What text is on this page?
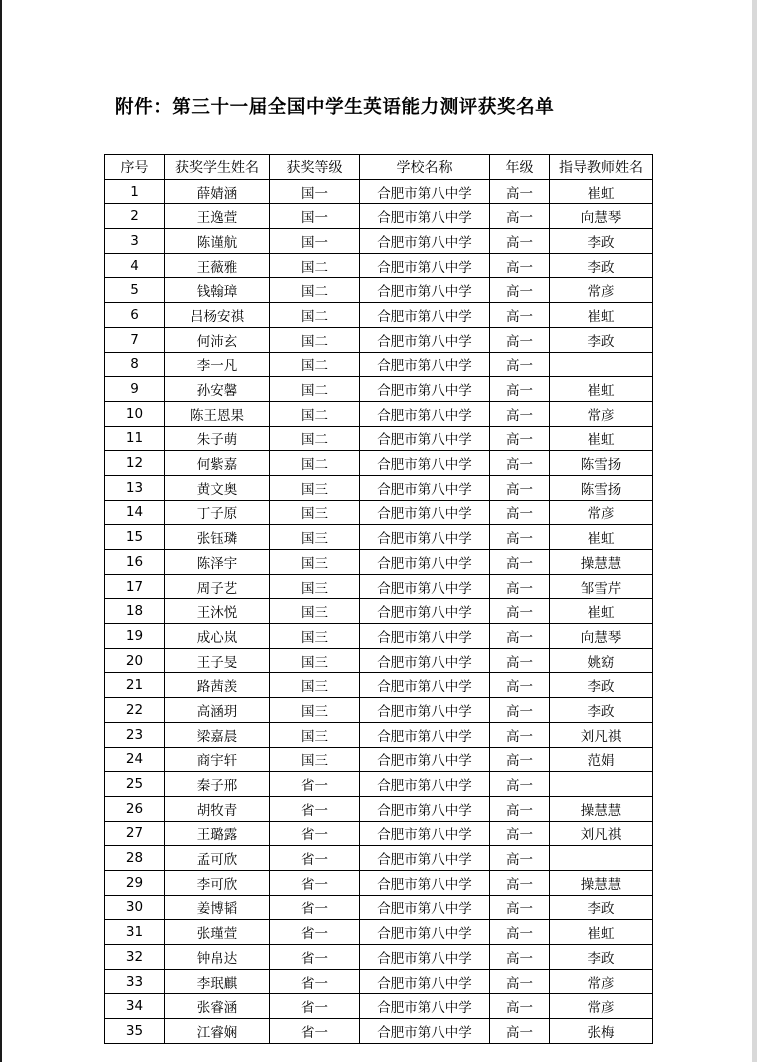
附件：第三十一届全国中学生英语能力测评获奖名单
序号	获奖学生姓名	获奖等级	学校名称	年级	指导教师姓名
1	薛婧涵	国一	合肥市第八中学	高一	崔虹
2	王逸萱	国一	合肥市第八中学	高一	向慧琴
3	陈谨航	国一	合肥市第八中学	高一	李政
4	王薇雅	国二	合肥市第八中学	高一	李政
5	钱翰璋	国二	合肥市第八中学	高一	常彦
6	吕杨安祺	国二	合肥市第八中学	高一	崔虹
7	何沛玄	国二	合肥市第八中学	高一	李政
8	李一凡	国二	合肥市第八中学	高一	
9	孙安馨	国二	合肥市第八中学	高一	崔虹
10	陈王恩果	国二	合肥市第八中学	高一	常彦
11	朱子萌	国二	合肥市第八中学	高一	崔虹
12	何紫嘉	国二	合肥市第八中学	高一	陈雪扬
13	黄文奥	国三	合肥市第八中学	高一	陈雪扬
14	丁子原	国三	合肥市第八中学	高一	常彦
15	张钰璘	国三	合肥市第八中学	高一	崔虹
16	陈泽宇	国三	合肥市第八中学	高一	操慧慧
17	周子艺	国三	合肥市第八中学	高一	邹雪芹
18	王沐悦	国三	合肥市第八中学	高一	崔虹
19	成心岚	国三	合肥市第八中学	高一	向慧琴
20	王子旻	国三	合肥市第八中学	高一	姚窈
21	路茜羡	国三	合肥市第八中学	高一	李政
22	高涵玥	国三	合肥市第八中学	高一	李政
23	梁嘉晨	国三	合肥市第八中学	高一	刘凡祺
24	商宇轩	国三	合肥市第八中学	高一	范娟
25	秦子邢	省一	合肥市第八中学	高一	
26	胡牧青	省一	合肥市第八中学	高一	操慧慧
27	王璐露	省一	合肥市第八中学	高一	刘凡祺
28	孟可欣	省一	合肥市第八中学	高一	
29	李可欣	省一	合肥市第八中学	高一	操慧慧
30	姜博韬	省一	合肥市第八中学	高一	李政
31	张瑾萱	省一	合肥市第八中学	高一	崔虹
32	钟帛达	省一	合肥市第八中学	高一	李政
33	李珉麒	省一	合肥市第八中学	高一	常彦
34	张睿涵	省一	合肥市第八中学	高一	常彦
35	江睿娴	省一	合肥市第八中学	高一	张梅
